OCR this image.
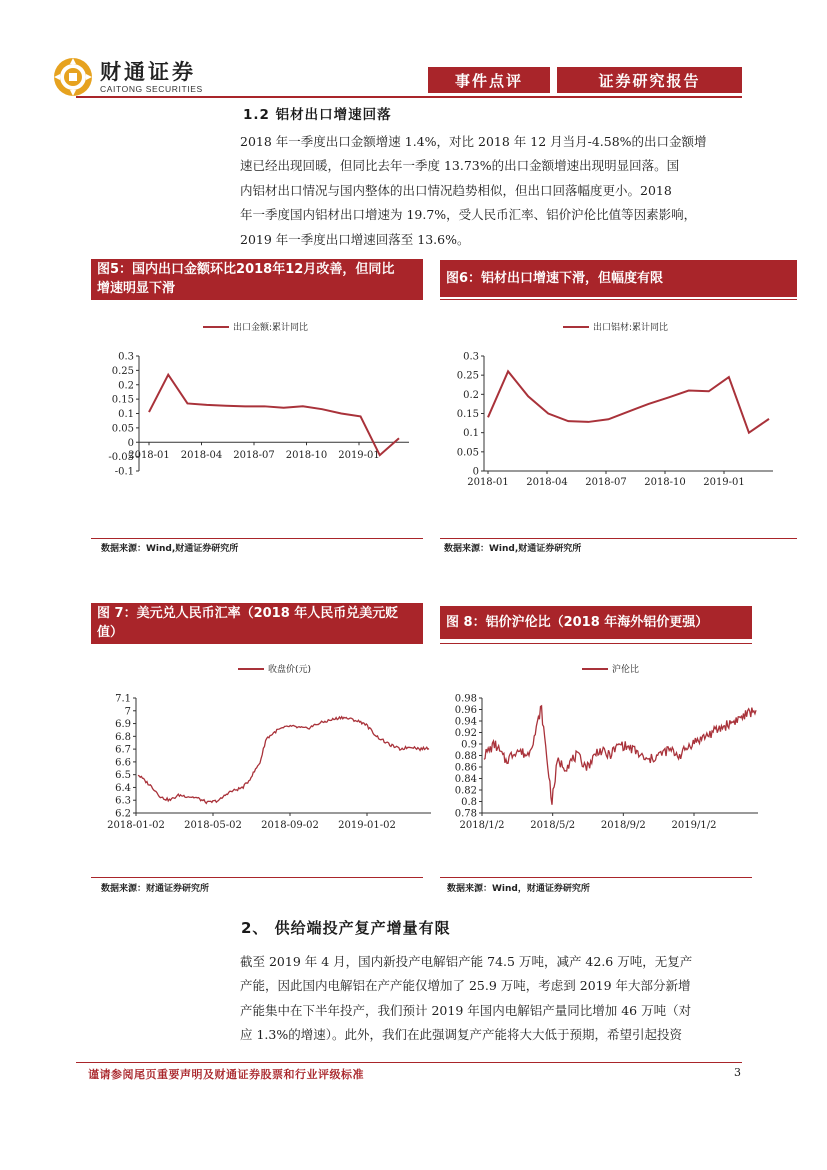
财通证券
CAITONG SECURITIES	事件点评	证券研究报告
1.2 铝材出口增速回落
2018 年一季度出口金额增速 1.4%，对比 2018 年 12 月当月-4.58%的出口金额增
速已经出现回暖，但同比去年一季度 13.73%的出口金额增速出现明显回落。国
内铝材出口情况与国内整体的出口情况趋势相似，但出口回落幅度更小。2018
年一季度国内铝材出口增速为 19.7%，受人民币汇率、铝价沪伦比值等因素影响，
2019 年一季度出口增速回落至 13.6%。
图5：国内出口金额环比2018年12月改善，但同比
增速明显下滑
图6：铝材出口增速下滑，但幅度有限
出口金额:累计同比
0.3
0.25
0.2
0.15
0.1
0.05
0
-0.05
-0.1
2018-01 2018-04 2018-07 2018-10 2019-01
出口铝材:累计同比
0.3
0.25
0.2
0.15
0.1
0.05
0
2018-01 2018-04 2018-07 2018-10 2019-01
数据来源：Wind,财通证券研究所	数据来源：Wind,财通证券研究所
图 7：美元兑人民币汇率（2018 年人民币兑美元贬
值）
图 8：铝价沪伦比（2018 年海外铝价更强）
收盘价(元)
7.1
7
6.9
6.8
6.7
6.6
6.5
6.4
6.3
6.2
2018-01-02 2018-05-02 2018-09-02 2019-01-02
沪伦比
0.98
0.96
0.94
0.92
0.9
0.88
0.86
0.84
0.82
0.8
0.78
2018/1/2	2018/5/2	2018/9/2	2019/1/2
数据来源：财通证券研究所	数据来源：Wind，财通证券研究所
2、 供给端投产复产增量有限
截至 2019 年 4 月，国内新投产电解铝产能 74.5 万吨，减产 42.6 万吨，无复产
产能，因此国内电解铝在产产能仅增加了 25.9 万吨，考虑到 2019 年大部分新增
产能集中在下半年投产，我们预计 2019 年国内电解铝产量同比增加 46 万吨（对
应 1.3%的增速）。此外，我们在此强调复产产能将大大低于预期，希望引起投资
谨请参阅尾页重要声明及财通证券股票和行业评级标准	3
